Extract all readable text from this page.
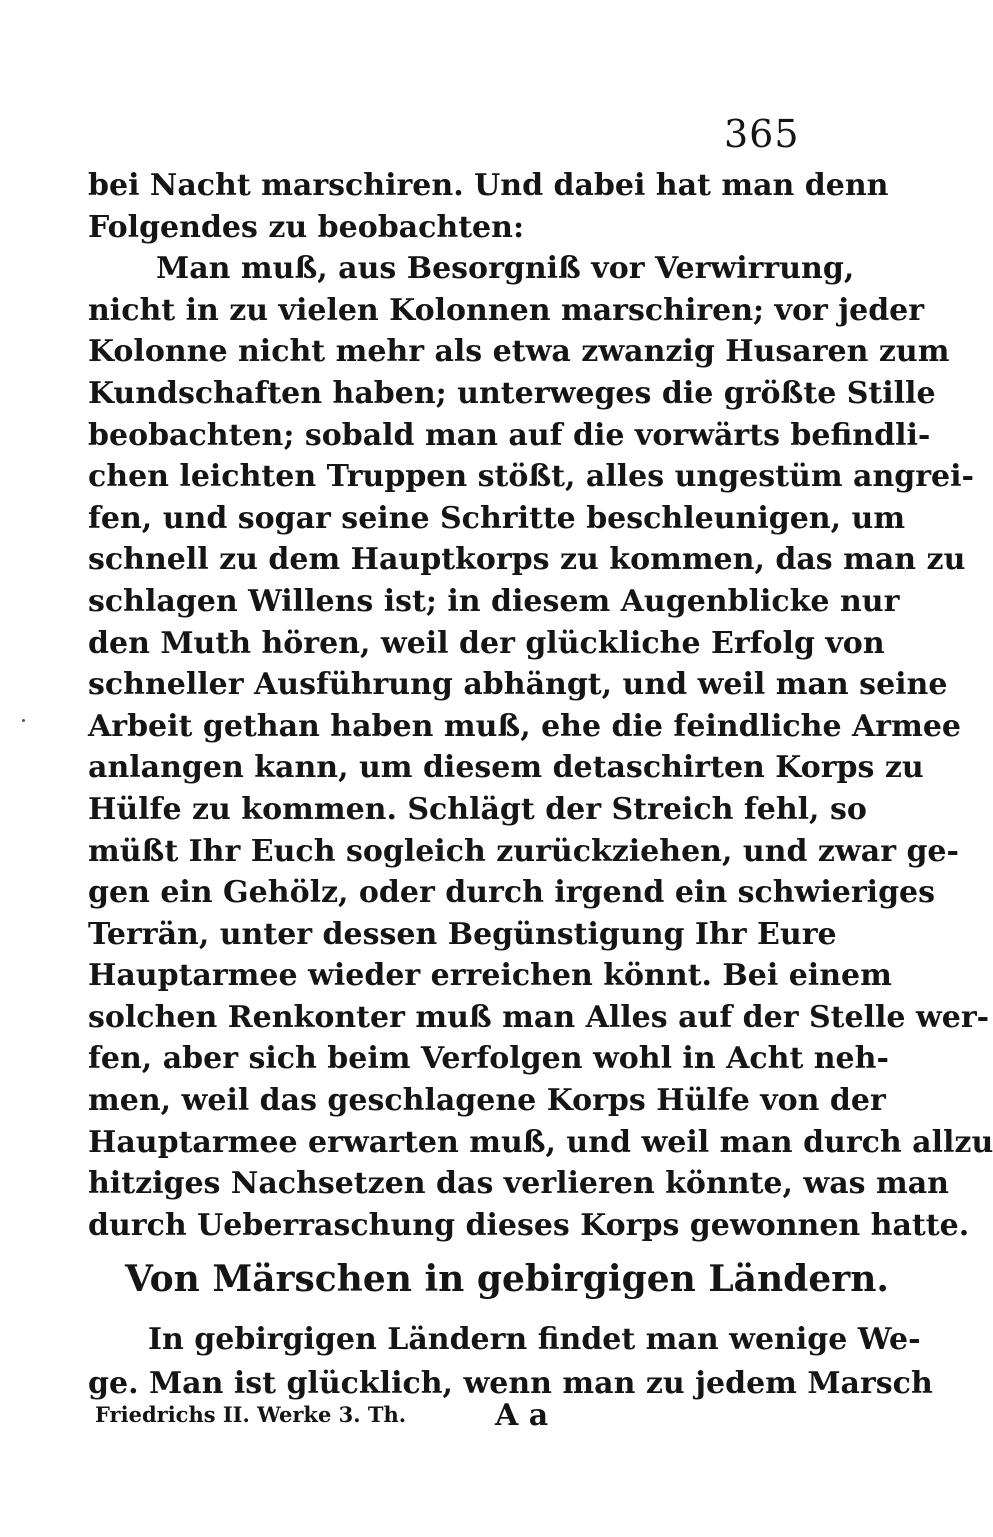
365
bei Nacht marschiren. Und dabei hat man denn
Folgendes zu beobachten:
Man muß, aus Besorgniß vor Verwirrung,
nicht in zu vielen Kolonnen marschiren; vor jeder
Kolonne nicht mehr als etwa zwanzig Husaren zum
Kundschaften haben; unterweges die größte Stille
beobachten; sobald man auf die vorwärts befindli-
chen leichten Truppen stößt, alles ungestüm angrei-
fen, und sogar seine Schritte beschleunigen, um
schnell zu dem Hauptkorps zu kommen, das man zu
schlagen Willens ist; in diesem Augenblicke nur
den Muth hören, weil der glückliche Erfolg von
schneller Ausführung abhängt, und weil man seine
Arbeit gethan haben muß, ehe die feindliche Armee
anlangen kann, um diesem detaschirten Korps zu
Hülfe zu kommen. Schlägt der Streich fehl, so
müßt Ihr Euch sogleich zurückziehen, und zwar ge-
gen ein Gehölz, oder durch irgend ein schwieriges
Terrän, unter dessen Begünstigung Ihr Eure
Hauptarmee wieder erreichen könnt. Bei einem
solchen Renkonter muß man Alles auf der Stelle wer-
fen, aber sich beim Verfolgen wohl in Acht neh-
men, weil das geschlagene Korps Hülfe von der
Hauptarmee erwarten muß, und weil man durch allzu
hitziges Nachsetzen das verlieren könnte, was man
durch Ueberraschung dieses Korps gewonnen hatte.
Von Märschen in gebirgigen Ländern.
In gebirgigen Ländern findet man wenige We-
ge. Man ist glücklich, wenn man zu jedem Marsch
Friedrichs II. Werke 3. Th.	A a
